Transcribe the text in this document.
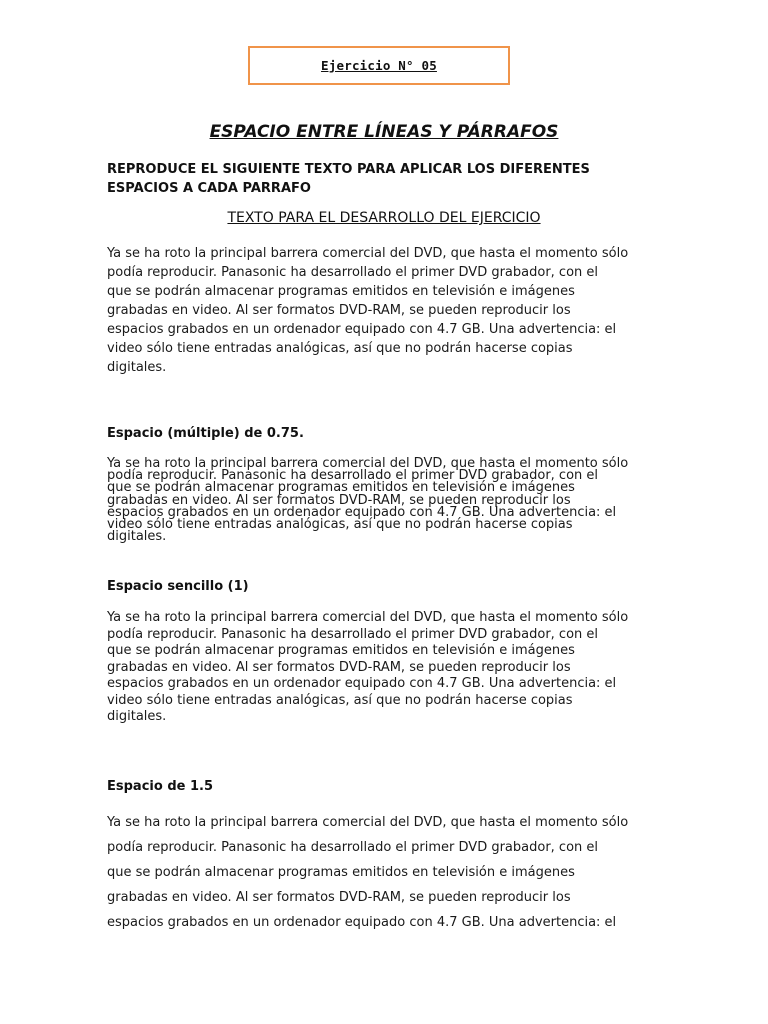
Ejercicio N° 05
ESPACIO ENTRE LÍNEAS Y PÁRRAFOS
REPRODUCE EL SIGUIENTE TEXTO PARA APLICAR LOS DIFERENTES
ESPACIOS A CADA PARRAFO
TEXTO PARA EL DESARROLLO DEL EJERCICIO

Ya se ha roto la principal barrera comercial del DVD, que hasta el momento sólo

podía reproducir. Panasonic ha desarrollado el primer DVD grabador, con el

que se podrán almacenar programas emitidos en televisión e imágenes

grabadas en video. Al ser formatos DVD-RAM, se pueden reproducir los

espacios grabados en un ordenador equipado con 4.7 GB. Una advertencia: el

video sólo tiene entradas analógicas, así que no podrán hacerse copias

digitales.

Espacio (múltiple) de 0.75.

Ya se ha roto la principal barrera comercial del DVD, que hasta el momento sólo

podía reproducir. Panasonic ha desarrollado el primer DVD grabador, con el

que se podrán almacenar programas emitidos en televisión e imágenes

grabadas en video. Al ser formatos DVD-RAM, se pueden reproducir los

espacios grabados en un ordenador equipado con 4.7 GB. Una advertencia: el

video sólo tiene entradas analógicas, así que no podrán hacerse copias

digitales.

Espacio sencillo (1)

Ya se ha roto la principal barrera comercial del DVD, que hasta el momento sólo

podía reproducir. Panasonic ha desarrollado el primer DVD grabador, con el

que se podrán almacenar programas emitidos en televisión e imágenes

grabadas en video. Al ser formatos DVD-RAM, se pueden reproducir los

espacios grabados en un ordenador equipado con 4.7 GB. Una advertencia: el

video sólo tiene entradas analógicas, así que no podrán hacerse copias

digitales.

Espacio de 1.5

Ya se ha roto la principal barrera comercial del DVD, que hasta el momento sólo

podía reproducir. Panasonic ha desarrollado el primer DVD grabador, con el

que se podrán almacenar programas emitidos en televisión e imágenes

grabadas en video. Al ser formatos DVD-RAM, se pueden reproducir los

espacios grabados en un ordenador equipado con 4.7 GB. Una advertencia: el
